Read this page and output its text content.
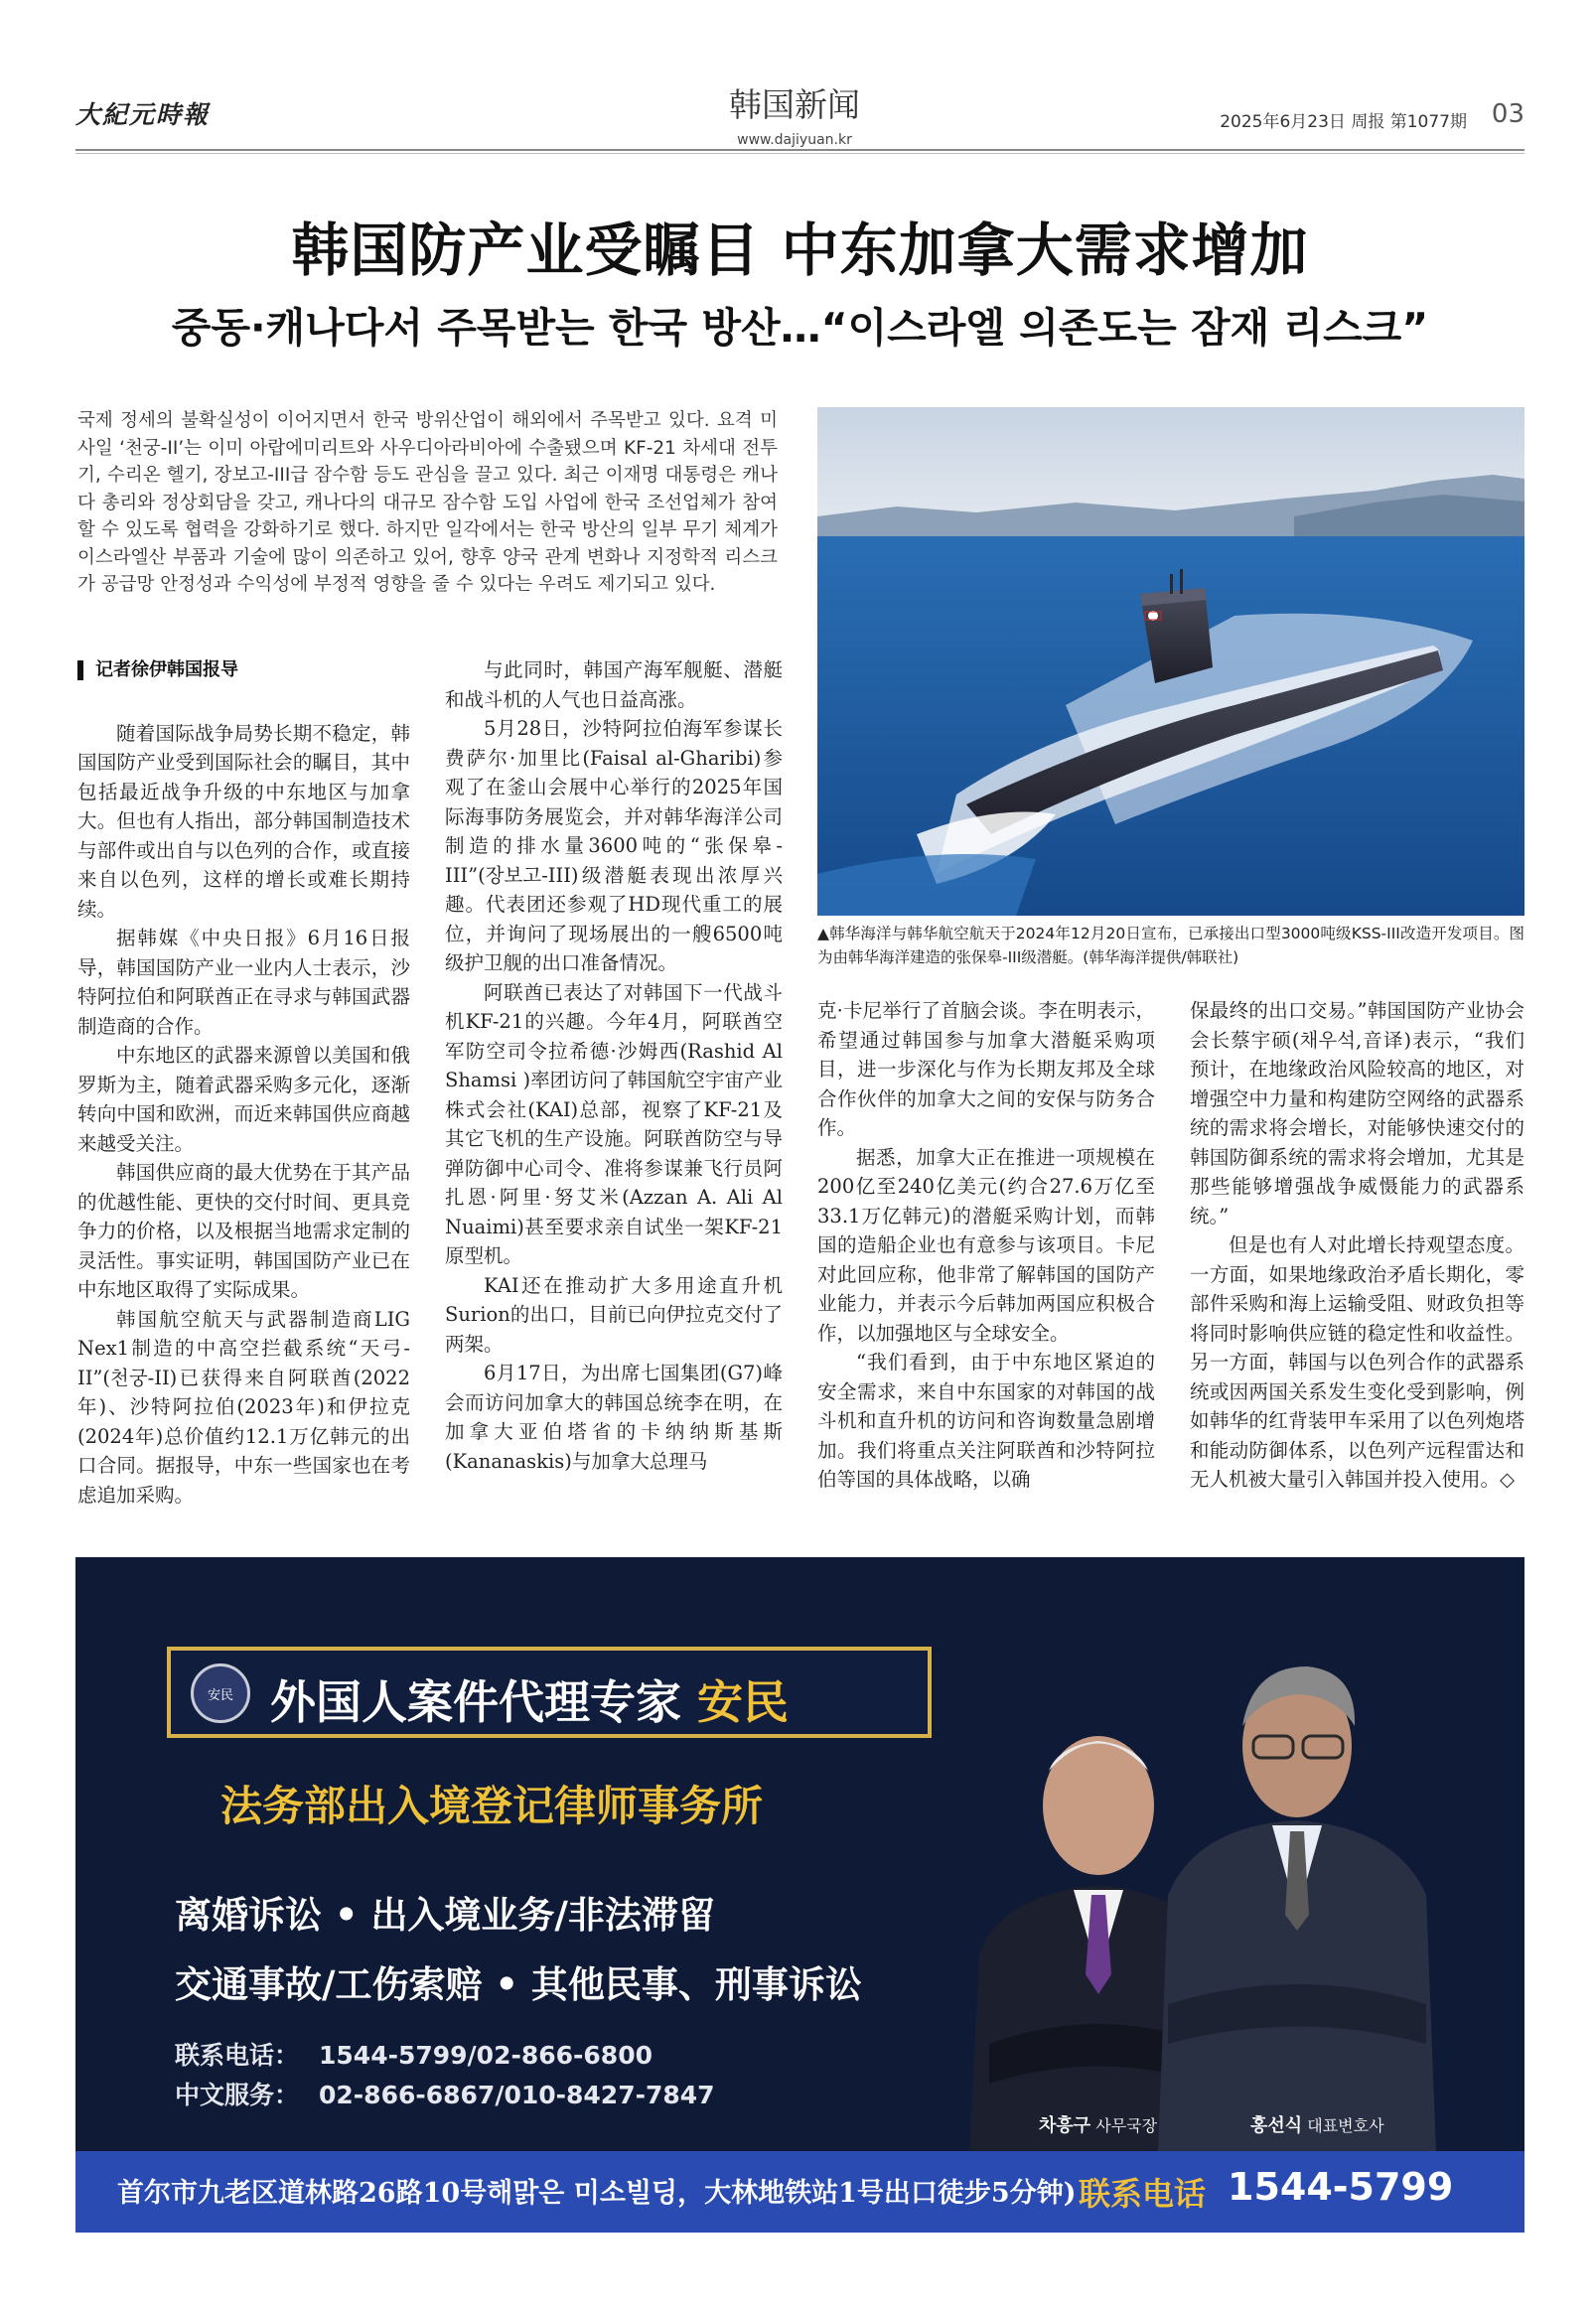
大紀元時報	韩国新闻
www.dajiyuan.kr
2025年6月23日 周报 第1077期 03
韩国防产业受瞩目 中东加拿大需求增加
중동·캐나다서 주목받는 한국 방산…“이스라엘 의존도는 잠재 리스크”
국제 정세의 불확실성이 이어지면서 한국 방위산업이 해외에서 주목받고 있다. 요격 미사일 ‘천궁-II’는 이미 아랍에미리트와 사우디아라비아에 수출됐으며 KF-21 차세대 전투기, 수리온 헬기, 장보고-III급 잠수함 등도 관심을 끌고 있다. 최근 이재명 대통령은 캐나다 총리와 정상회담을 갖고, 캐나다의 대규모 잠수함 도입 사업에 한국 조선업체가 참여할 수 있도록 협력을 강화하기로 했다. 하지만 일각에서는 한국 방산의 일부 무기 체계가 이스라엘산 부품과 기술에 많이 의존하고 있어, 향후 양국 관계 변화나 지정학적 리스크가 공급망 안정성과 수익성에 부정적 영향을 줄 수 있다는 우려도 제기되고 있다.
▲韩华海洋与韩华航空航天于2024年12月20日宣布，已承接出口型3000吨级KSS-III改造开发项目。图为由韩华海洋建造的张保皋-III级潜艇。(韩华海洋提供/韩联社)
记者徐伊韩国报导

随着国际战争局势长期不稳定，韩国国防产业受到国际社会的瞩目，其中包括最近战争升级的中东地区与加拿大。但也有人指出，部分韩国制造技术与部件或出自与以色列的合作，或直接来自以色列，这样的增长或难长期持续。

据韩媒《中央日报》6月16日报导，韩国国防产业一业内人士表示，沙特阿拉伯和阿联酋正在寻求与韩国武器制造商的合作。

中东地区的武器来源曾以美国和俄罗斯为主，随着武器采购多元化，逐渐转向中国和欧洲，而近来韩国供应商越来越受关注。

韩国供应商的最大优势在于其产品的优越性能、更快的交付时间、更具竞争力的价格，以及根据当地需求定制的灵活性。事实证明，韩国国防产业已在中东地区取得了实际成果。

韩国航空航天与武器制造商LIG Nex1制造的中高空拦截系统“天弓-II”(천궁-II)已获得来自阿联酋(2022年)、沙特阿拉伯(2023年)和伊拉克(2024年)总价值约12.1万亿韩元的出口合同。据报导，中东一些国家也在考虑追加采购。

与此同时，韩国产海军舰艇、潜艇和战斗机的人气也日益高涨。

5月28日，沙特阿拉伯海军参谋长费萨尔·加里比(Faisal al-Gharibi)参观了在釜山会展中心举行的2025年国际海事防务展览会，并对韩华海洋公司制造的排水量3600吨的“张保皋-III”(장보고-III)级潜艇表现出浓厚兴趣。代表团还参观了HD现代重工的展位，并询问了现场展出的一艘6500吨级护卫舰的出口准备情况。

阿联酋已表达了对韩国下一代战斗机KF-21的兴趣。今年4月，阿联酋空军防空司令拉希德·沙姆西(Rashid Al Shamsi )率团访问了韩国航空宇宙产业株式会社(KAI)总部，视察了KF-21及其它飞机的生产设施。阿联酋防空与导弹防御中心司令、准将参谋兼飞行员阿扎恩·阿里·努艾米(Azzan A. Ali Al Nuaimi)甚至要求亲自试坐一架KF-21原型机。

KAI还在推动扩大多用途直升机Surion的出口，目前已向伊拉克交付了两架。

6月17日，为出席七国集团(G7)峰会而访问加拿大的韩国总统李在明，在加拿大亚伯塔省的卡纳纳斯基斯(Kananaskis)与加拿大总理马

克·卡尼举行了首脑会谈。李在明表示，希望通过韩国参与加拿大潜艇采购项目，进一步深化与作为长期友邦及全球合作伙伴的加拿大之间的安保与防务合作。

据悉，加拿大正在推进一项规模在200亿至240亿美元(约合27.6万亿至33.1万亿韩元)的潜艇采购计划，而韩国的造船企业也有意参与该项目。卡尼对此回应称，他非常了解韩国的国防产业能力，并表示今后韩加两国应积极合作，以加强地区与全球安全。

“我们看到，由于中东地区紧迫的安全需求，来自中东国家的对韩国的战斗机和直升机的访问和咨询数量急剧增加。我们将重点关注阿联酋和沙特阿拉伯等国的具体战略，以确

保最终的出口交易。”韩国国防产业协会会长蔡宇硕(채우석,音译)表示，“我们预计，在地缘政治风险较高的地区，对增强空中力量和构建防空网络的武器系统的需求将会增长，对能够快速交付的韩国防御系统的需求将会增加，尤其是那些能够增强战争威慑能力的武器系统。”

但是也有人对此增长持观望态度。一方面，如果地缘政治矛盾长期化，零部件采购和海上运输受阻、财政负担等将同时影响供应链的稳定性和收益性。另一方面，韩国与以色列合作的武器系统或因两国关系发生变化受到影响，例如韩华的红背装甲车采用了以色列炮塔和能动防御体系，以色列产远程雷达和无人机被大量引入韩国并投入使用。◇

安民 外国人案件代理专家 安民
法务部出入境登记律师事务所
离婚诉讼 • 出入境业务/非法滞留
交通事故/工伤索赔 • 其他民事、刑事诉讼
联系电话： 1544-5799/02-866-6800
中文服务： 02-866-6867/010-8427-7847
차흥구 사무국장	홍선식 대표변호사
首尔市九老区道林路26路10号해맑은 미소빌딩，大林地铁站1号出口徒步5分钟) 联系电话 1544-5799
